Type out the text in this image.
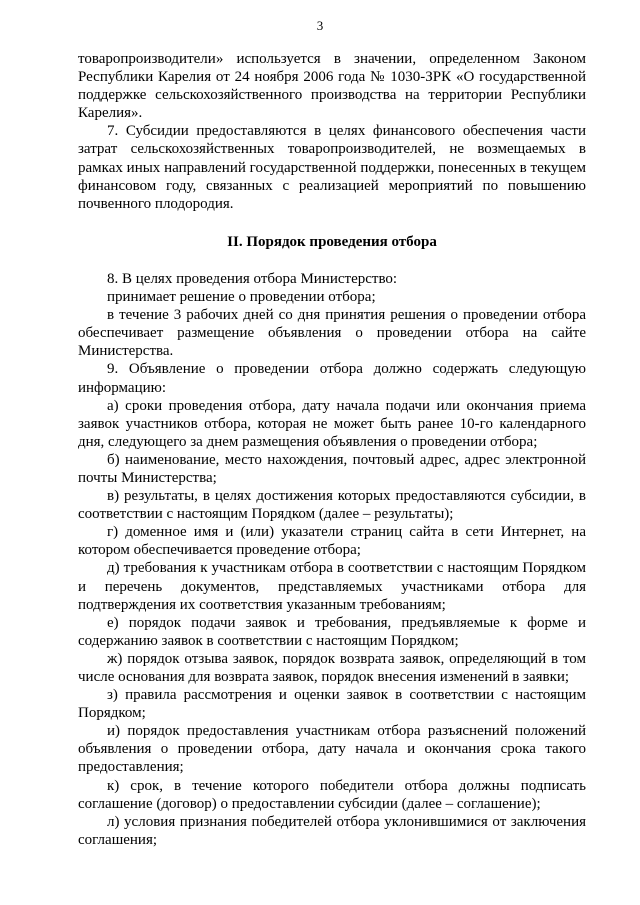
3

товаропроизводители» используется в значении, определенном Законом Республики Карелия от 24 ноября 2006 года № 1030-ЗРК «О государственной поддержке сельскохозяйственного производства на территории Республики Карелия».

7. Субсидии предоставляются в целях финансового обеспечения части затрат сельскохозяйственных товаропроизводителей, не возмещаемых в рамках иных направлений государственной поддержки, понесенных в текущем финансовом году, связанных с реализацией мероприятий по повышению почвенного плодородия.

II. Порядок проведения отбора

8. В целях проведения отбора Министерство:

принимает решение о проведении отбора;

в течение 3 рабочих дней со дня принятия решения о проведении отбора обеспечивает размещение объявления о проведении отбора на сайте Министерства.

9. Объявление о проведении отбора должно содержать следующую информацию:

а) сроки проведения отбора, дату начала подачи или окончания приема заявок участников отбора, которая не может быть ранее 10-го календарного дня, следующего за днем размещения объявления о проведении отбора;

б) наименование, место нахождения, почтовый адрес, адрес электронной почты Министерства;

в) результаты, в целях достижения которых предоставляются субсидии, в соответствии с настоящим Порядком (далее – результаты);

г) доменное имя и (или) указатели страниц сайта в сети Интернет, на котором обеспечивается проведение отбора;

д) требования к участникам отбора в соответствии с настоящим Порядком и перечень документов, представляемых участниками отбора для подтверждения их соответствия указанным требованиям;

е) порядок подачи заявок и требования, предъявляемые к форме и содержанию заявок в соответствии с настоящим Порядком;

ж) порядок отзыва заявок, порядок возврата заявок, определяющий в том числе основания для возврата заявок, порядок внесения изменений в заявки;

з) правила рассмотрения и оценки заявок в соответствии с настоящим Порядком;

и) порядок предоставления участникам отбора разъяснений положений объявления о проведении отбора, дату начала и окончания срока такого предоставления;

к) срок, в течение которого победители отбора должны подписать соглашение (договор) о предоставлении субсидии (далее – соглашение);

л) условия признания победителей отбора уклонившимися от заключения соглашения;
